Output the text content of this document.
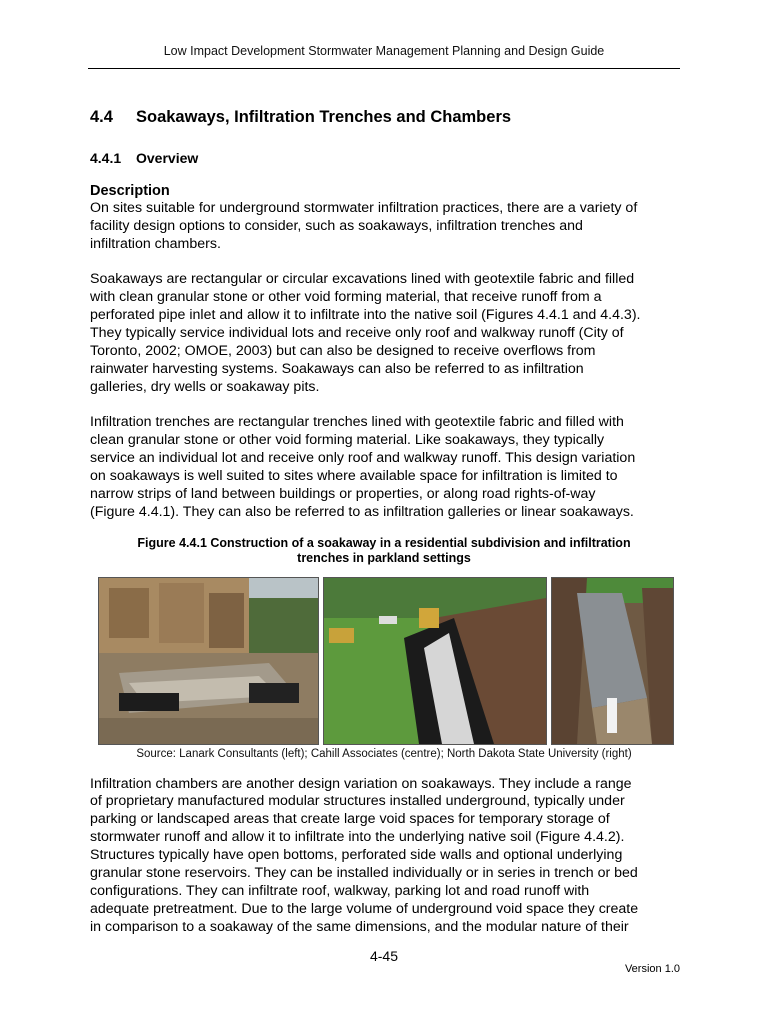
Low Impact Development Stormwater Management Planning and Design Guide
4.4 Soakaways, Infiltration Trenches and Chambers
4.4.1 Overview
Description

On sites suitable for underground stormwater infiltration practices, there are a variety of
facility design options to consider, such as soakaways, infiltration trenches and
infiltration chambers.

Soakaways are rectangular or circular excavations lined with geotextile fabric and filled
with clean granular stone or other void forming material, that receive runoff from a
perforated pipe inlet and allow it to infiltrate into the native soil (Figures 4.4.1 and 4.4.3).
They typically service individual lots and receive only roof and walkway runoff (City of
Toronto, 2002; OMOE, 2003) but can also be designed to receive overflows from
rainwater harvesting systems. Soakaways can also be referred to as infiltration
galleries, dry wells or soakaway pits.

Infiltration trenches are rectangular trenches lined with geotextile fabric and filled with
clean granular stone or other void forming material. Like soakaways, they typically
service an individual lot and receive only roof and walkway runoff. This design variation
on soakaways is well suited to sites where available space for infiltration is limited to
narrow strips of land between buildings or properties, or along road rights-of-way
(Figure 4.4.1). They can also be referred to as infiltration galleries or linear soakaways.

Figure 4.4.1 Construction of a soakaway in a residential subdivision and infiltration
trenches in parkland settings
Source: Lanark Consultants (left); Cahill Associates (centre); North Dakota State University (right)

Infiltration chambers are another design variation on soakaways. They include a range
of proprietary manufactured modular structures installed underground, typically under
parking or landscaped areas that create large void spaces for temporary storage of
stormwater runoff and allow it to infiltrate into the underlying native soil (Figure 4.4.2).
Structures typically have open bottoms, perforated side walls and optional underlying
granular stone reservoirs. They can be installed individually or in series in trench or bed
configurations. They can infiltrate roof, walkway, parking lot and road runoff with
adequate pretreatment. Due to the large volume of underground void space they create
in comparison to a soakaway of the same dimensions, and the modular nature of their

4-45
Version 1.0
